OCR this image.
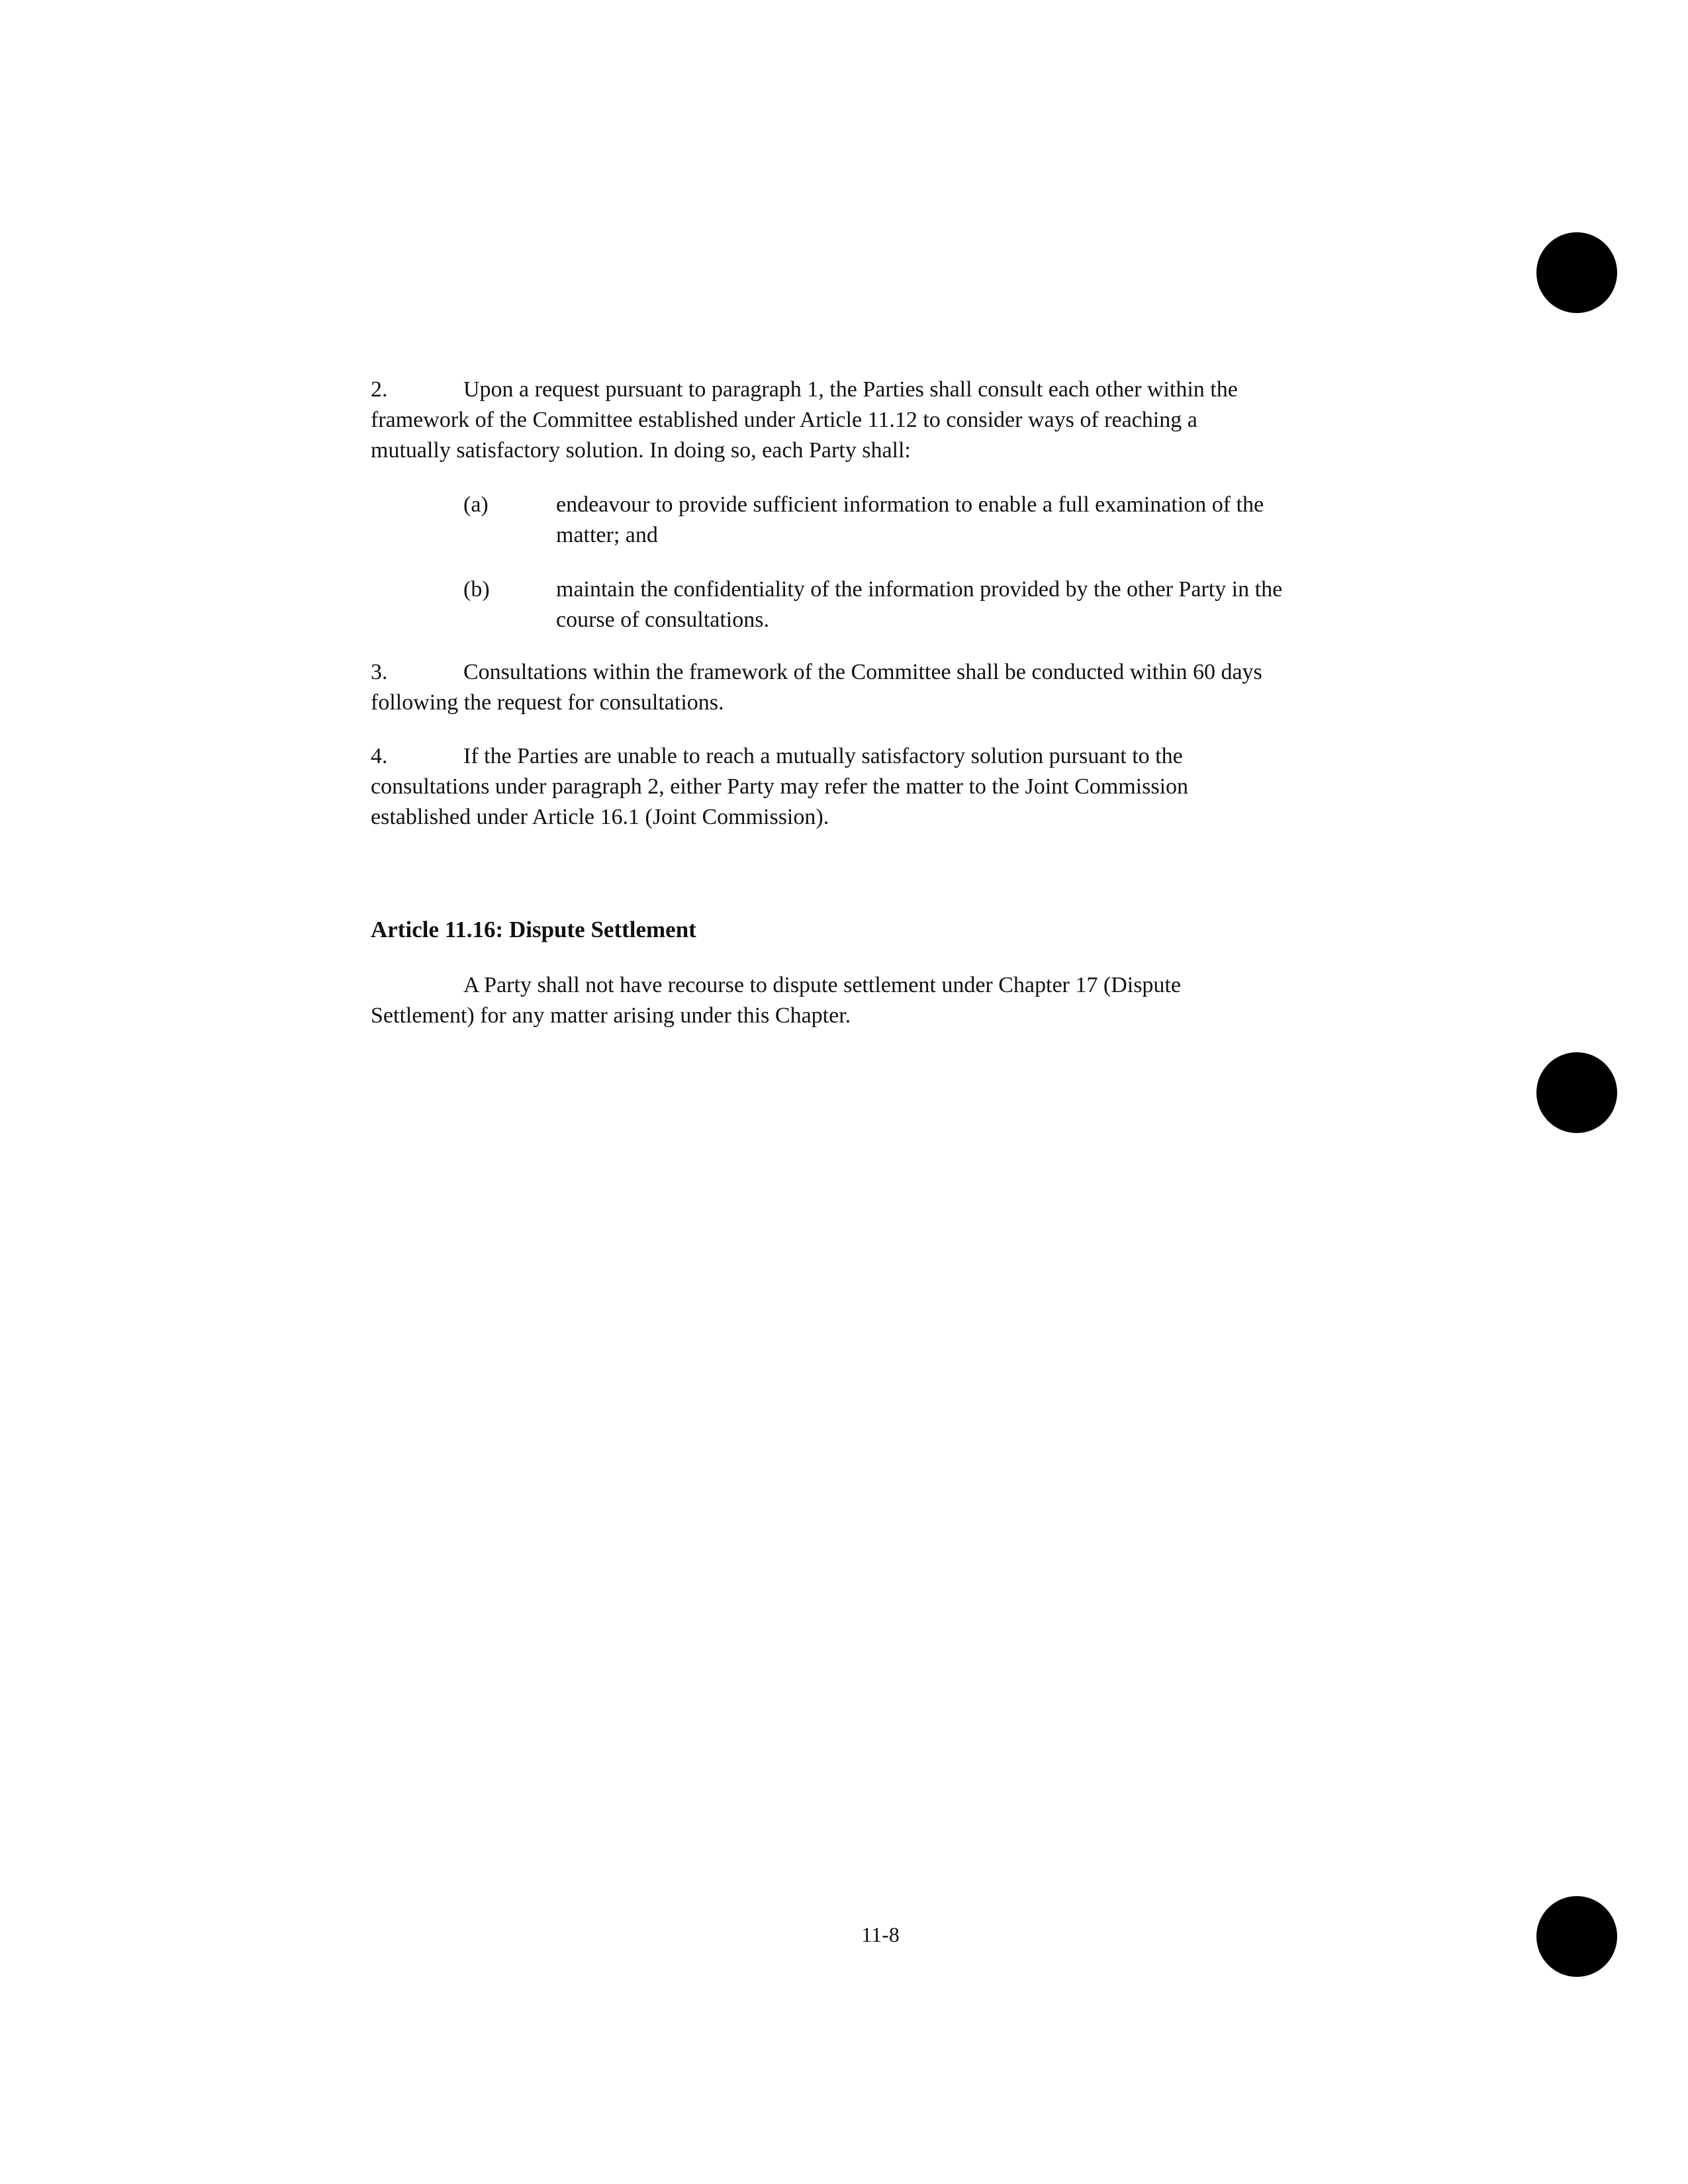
2.	Upon a request pursuant to paragraph 1, the Parties shall consult each other within the
framework of the Committee established under Article 11.12 to consider ways of reaching a
mutually satisfactory solution. In doing so, each Party shall:
(a)	endeavour to provide sufficient information to enable a full examination of the
matter; and
(b)	maintain the confidentiality of the information provided by the other Party in the
course of consultations.
3.	Consultations within the framework of the Committee shall be conducted within 60 days
following the request for consultations.
4.	If the Parties are unable to reach a mutually satisfactory solution pursuant to the
consultations under paragraph 2, either Party may refer the matter to the Joint Commission
established under Article 16.1 (Joint Commission).
Article 11.16: Dispute Settlement
A Party shall not have recourse to dispute settlement under Chapter 17 (Dispute
Settlement) for any matter arising under this Chapter.
11-8
